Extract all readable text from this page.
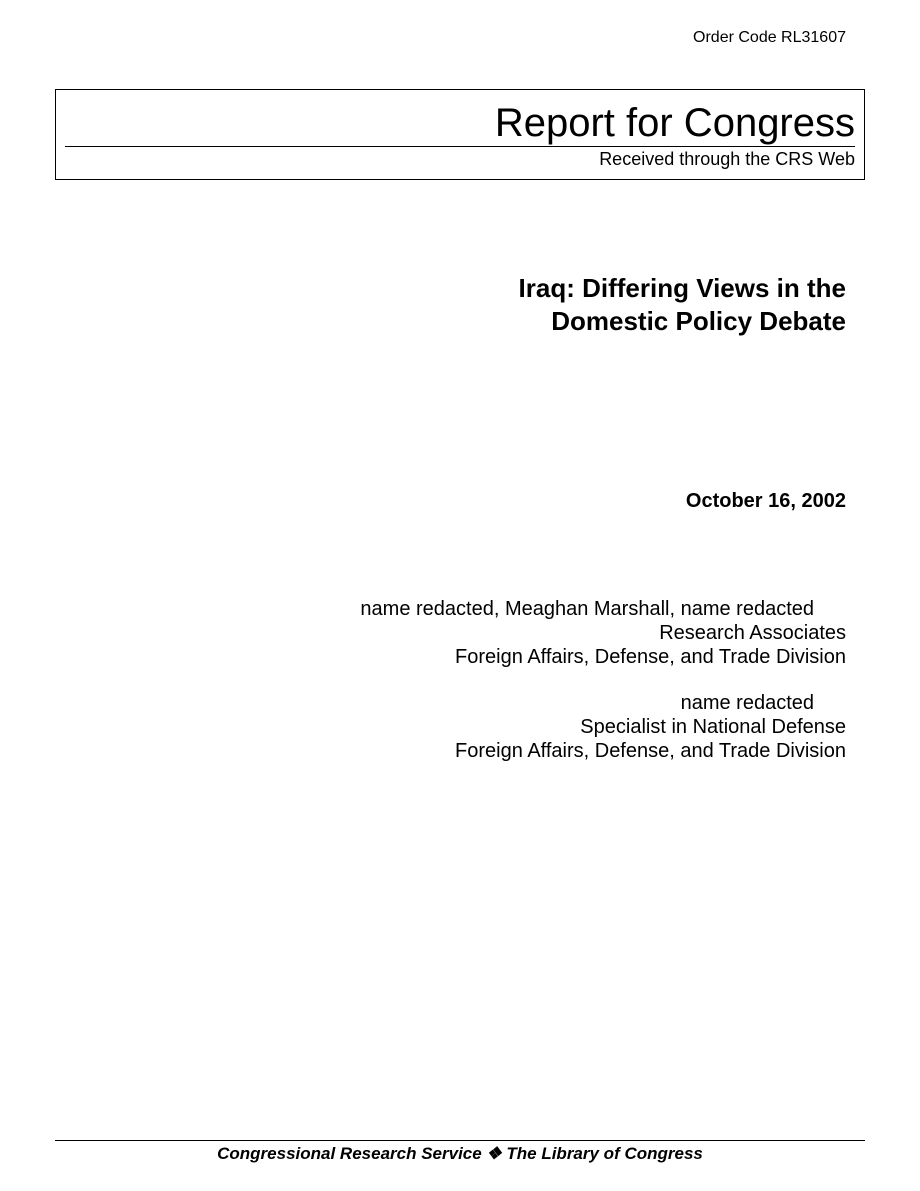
Order Code RL31607
Report for Congress
Received through the CRS Web
Iraq: Differing Views in the
Domestic Policy Debate
October 16, 2002
name redacted, Meaghan Marshall, name redacted
Research Associates
Foreign Affairs, Defense, and Trade Division
name redacted
Specialist in National Defense
Foreign Affairs, Defense, and Trade Division
Congressional Research Service ❖ The Library of Congress
